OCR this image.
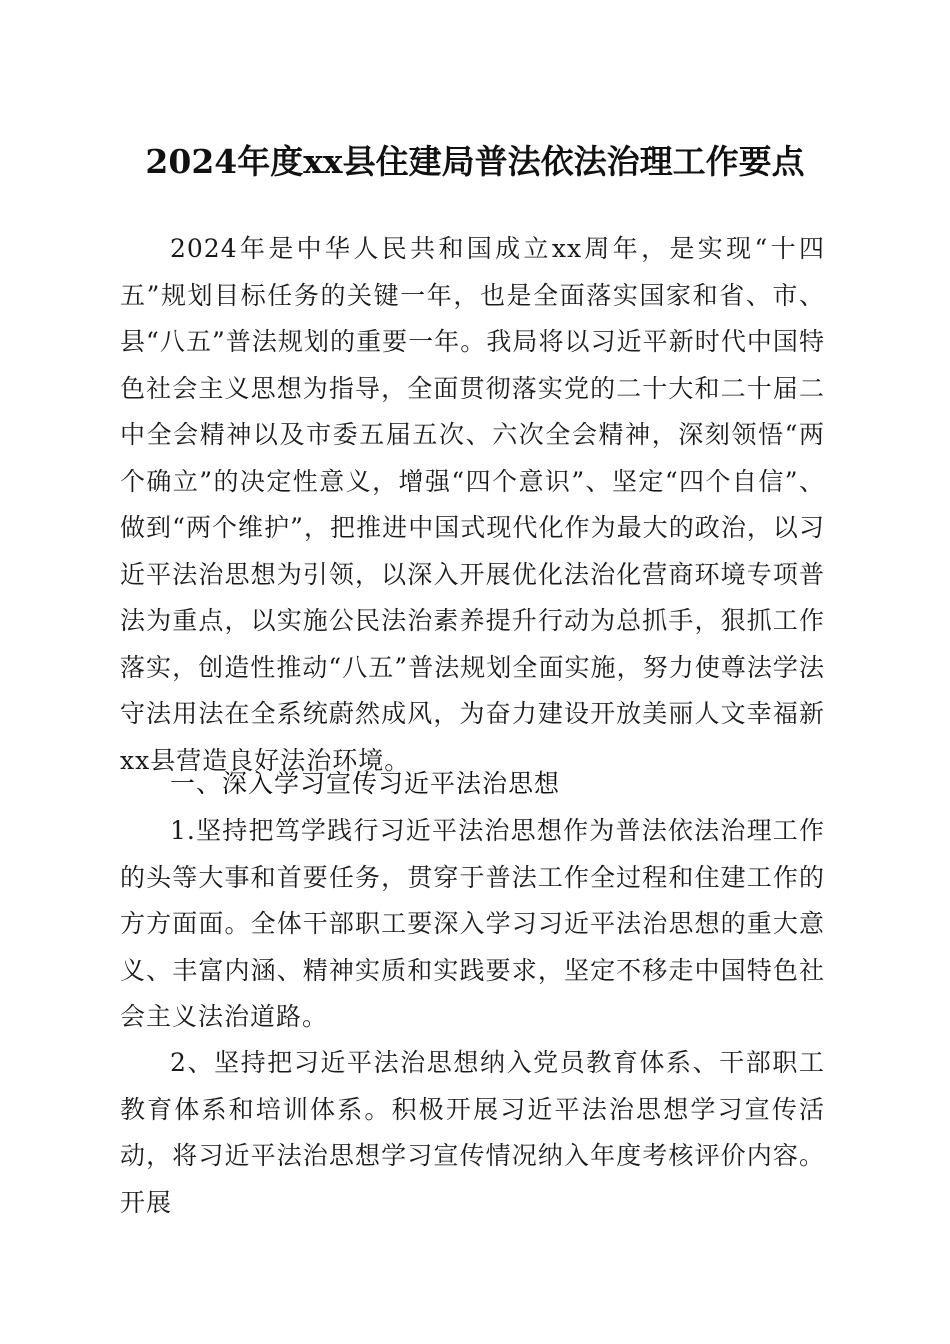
2024年度xx县住建局普法依法治理工作要点
2024年是中华人民共和国成立xx周年，是实现“十四五”规划目标任务的关键一年，也是全面落实国家和省、市、县“八五”普法规划的重要一年。我局将以习近平新时代中国特色社会主义思想为指导，全面贯彻落实党的二十大和二十届二中全会精神以及市委五届五次、六次全会精神，深刻领悟“两个确立”的决定性意义，增强“四个意识”、坚定“四个自信”、做到“两个维护”，把推进中国式现代化作为最大的政治，以习近平法治思想为引领，以深入开展优化法治化营商环境专项普法为重点，以实施公民法治素养提升行动为总抓手，狠抓工作落实，创造性推动“八五”普法规划全面实施，努力使尊法学法守法用法在全系统蔚然成风，为奋力建设开放美丽人文幸福新xx县营造良好法治环境。
一、深入学习宣传习近平法治思想
1.坚持把笃学践行习近平法治思想作为普法依法治理工作的头等大事和首要任务，贯穿于普法工作全过程和住建工作的方方面面。全体干部职工要深入学习习近平法治思想的重大意义、丰富内涵、精神实质和实践要求，坚定不移走中国特色社会主义法治道路。
2、坚持把习近平法治思想纳入党员教育体系、干部职工教育体系和培训体系。积极开展习近平法治思想学习宣传活动，将习近平法治思想学习宣传情况纳入年度考核评价内容。开展
